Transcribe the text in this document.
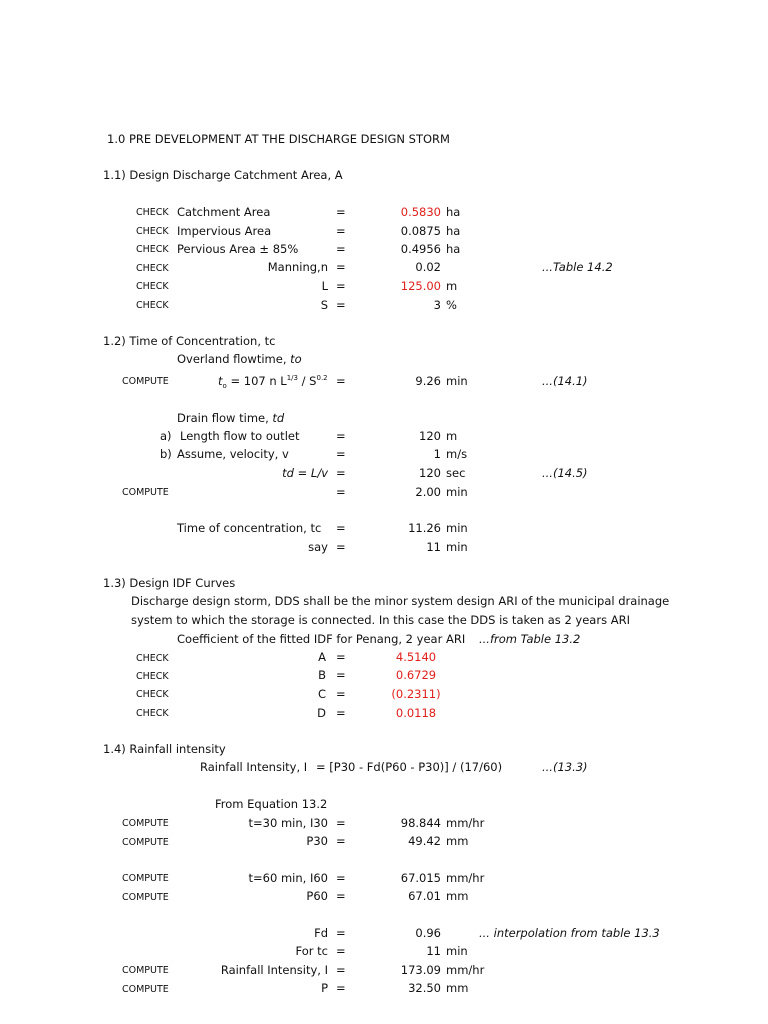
1.0 PRE DEVELOPMENT AT THE DISCHARGE DESIGN STORM
1.1) Design Discharge Catchment Area, A
CHECK Catchment Area	=	0.5830 ha
CHECK Impervious Area	=	0.0875 ha
CHECK Pervious Area ± 85%	=	0.4956 ha
CHECK	Manning,n =	0.02	...Table 14.2
CHECK	L =	125.00 m
CHECK	S =	3 %
1.2) Time of Concentration, tc
Overland flowtime, to
COMPUTE	$t_o = 107$ n $L^{1/3} / S^{0.2}$ =	9.26 min	...(14.1)
Drain flow time, td
a) Length flow to outlet	=	120 m
b) Assume, velocity, v	=	1 m/s
td = L/v =	120 sec	...(14.5)
COMPUTE	=	2.00 min
Time of concentration, tc =	11.26 min
say =	11 min
1.3) Design IDF Curves
Discharge design storm, DDS shall be the minor system design ARI of the municipal drainage
system to which the storage is connected. In this case the DDS is taken as 2 years ARI
Coefficient of the fitted IDF for Penang, 2 year ARI ...from Table 13.2
CHECK	A =	4.5140
CHECK	B =	0.6729
CHECK	C =	(0.2311)
CHECK	D =	0.0118
1.4) Rainfall intensity
Rainfall Intensity, I = [P30 - Fd(P60 - P30)] / (17/60)	...(13.3)
From Equation 13.2
COMPUTE	t=30 min, I30 =	98.844 mm/hr
COMPUTE	P30 =	49.42 mm
COMPUTE	t=60 min, I60 =	67.015 mm/hr
COMPUTE	P60 =	67.01 mm
Fd =	0.96	... interpolation from table 13.3
For tc =	11 min
COMPUTE	Rainfall Intensity, I =	173.09 mm/hr
COMPUTE	P =	32.50 mm
